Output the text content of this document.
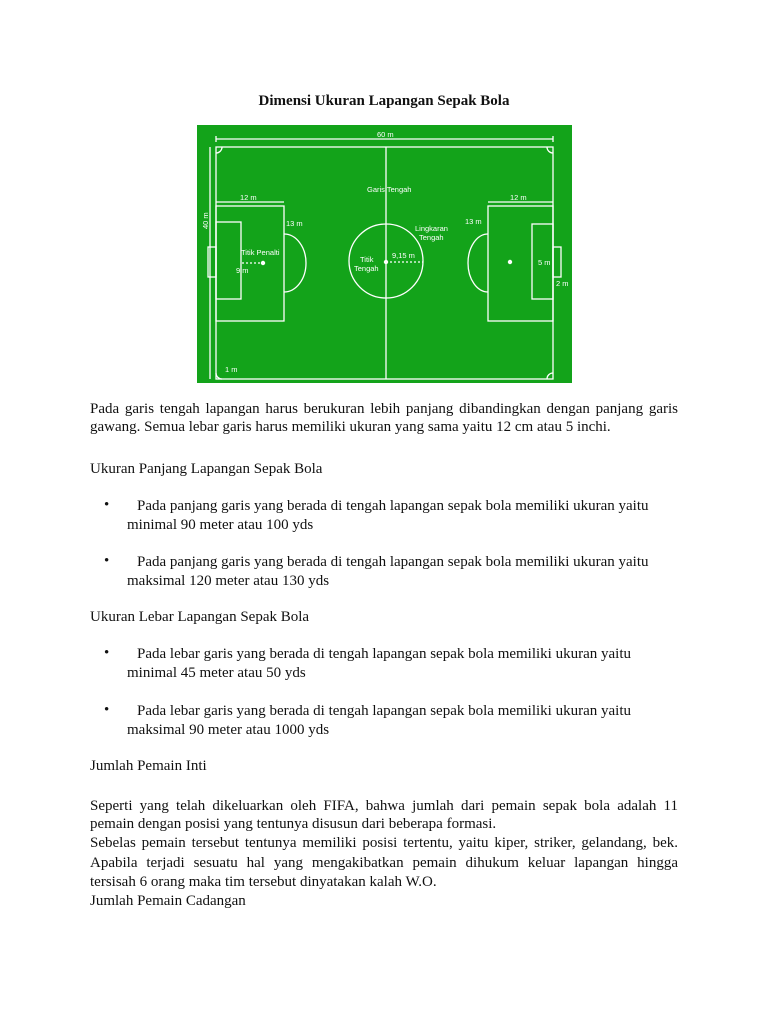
Dimensi Ukuran Lapangan Sepak Bola
60 m
40 m
12 m	12 m
13 m	13 m
Garis Tengah
Lingkaran
Tengah
Titik Penalti
9 m
Titik
Tengah
9,15 m
5 m
2 m
1 m
Pada garis tengah lapangan harus berukuran lebih panjang dibandingkan dengan panjang garis
gawang. Semua lebar garis harus memiliki ukuran yang sama yaitu 12 cm atau 5 inchi.
Ukuran Panjang Lapangan Sepak Bola
•	Pada panjang garis yang berada di tengah lapangan sepak bola memiliki ukuran yaitu
minimal 90 meter atau 100 yds
•	Pada panjang garis yang berada di tengah lapangan sepak bola memiliki ukuran yaitu
maksimal 120 meter atau 130 yds
Ukuran Lebar Lapangan Sepak Bola
•	Pada lebar garis yang berada di tengah lapangan sepak bola memiliki ukuran yaitu
minimal 45 meter atau 50 yds
•	Pada lebar garis yang berada di tengah lapangan sepak bola memiliki ukuran yaitu
maksimal 90 meter atau 1000 yds
Jumlah Pemain Inti
Seperti yang telah dikeluarkan oleh FIFA, bahwa jumlah dari pemain sepak bola adalah 11
pemain dengan posisi yang tentunya disusun dari beberapa formasi.
Sebelas pemain tersebut tentunya memiliki posisi tertentu, yaitu kiper, striker, gelandang, bek.
Apabila terjadi sesuatu hal yang mengakibatkan pemain dihukum keluar lapangan hingga
tersisah 6 orang maka tim tersebut dinyatakan kalah W.O.
Jumlah Pemain Cadangan
